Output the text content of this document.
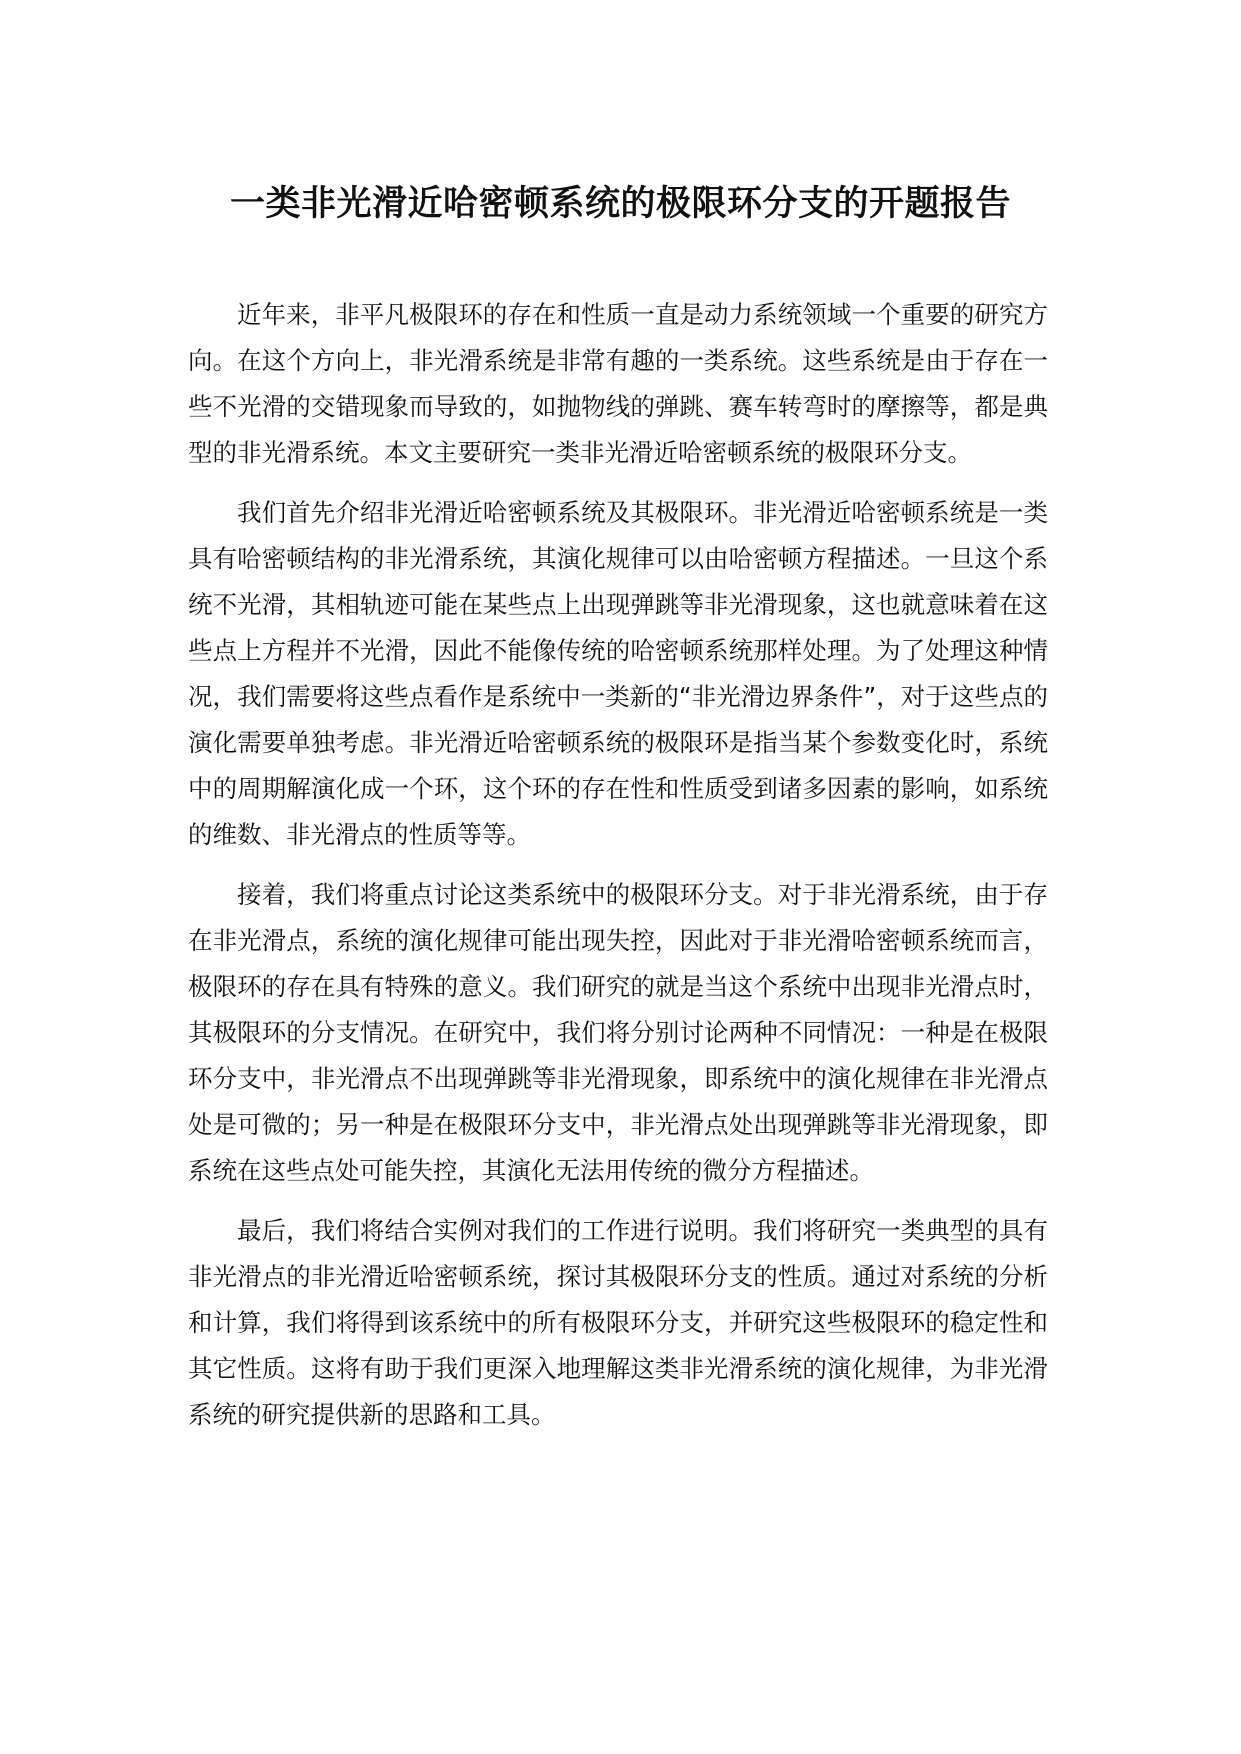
一类非光滑近哈密顿系统的极限环分支的开题报告

近年来，非平凡极限环的存在和性质一直是动力系统领域一个重要的研究方向。在这个方向上，非光滑系统是非常有趣的一类系统。这些系统是由于存在一些不光滑的交错现象而导致的，如抛物线的弹跳、赛车转弯时的摩擦等，都是典型的非光滑系统。本文主要研究一类非光滑近哈密顿系统的极限环分支。

我们首先介绍非光滑近哈密顿系统及其极限环。非光滑近哈密顿系统是一类具有哈密顿结构的非光滑系统，其演化规律可以由哈密顿方程描述。一旦这个系统不光滑，其相轨迹可能在某些点上出现弹跳等非光滑现象，这也就意味着在这些点上方程并不光滑，因此不能像传统的哈密顿系统那样处理。为了处理这种情况，我们需要将这些点看作是系统中一类新的“非光滑边界条件”，对于这些点的演化需要单独考虑。非光滑近哈密顿系统的极限环是指当某个参数变化时，系统中的周期解演化成一个环，这个环的存在性和性质受到诸多因素的影响，如系统的维数、非光滑点的性质等等。

接着，我们将重点讨论这类系统中的极限环分支。对于非光滑系统，由于存在非光滑点，系统的演化规律可能出现失控，因此对于非光滑哈密顿系统而言，极限环的存在具有特殊的意义。我们研究的就是当这个系统中出现非光滑点时，其极限环的分支情况。在研究中，我们将分别讨论两种不同情况：一种是在极限环分支中，非光滑点不出现弹跳等非光滑现象，即系统中的演化规律在非光滑点处是可微的；另一种是在极限环分支中，非光滑点处出现弹跳等非光滑现象，即系统在这些点处可能失控，其演化无法用传统的微分方程描述。

最后，我们将结合实例对我们的工作进行说明。我们将研究一类典型的具有非光滑点的非光滑近哈密顿系统，探讨其极限环分支的性质。通过对系统的分析和计算，我们将得到该系统中的所有极限环分支，并研究这些极限环的稳定性和其它性质。这将有助于我们更深入地理解这类非光滑系统的演化规律，为非光滑系统的研究提供新的思路和工具。
